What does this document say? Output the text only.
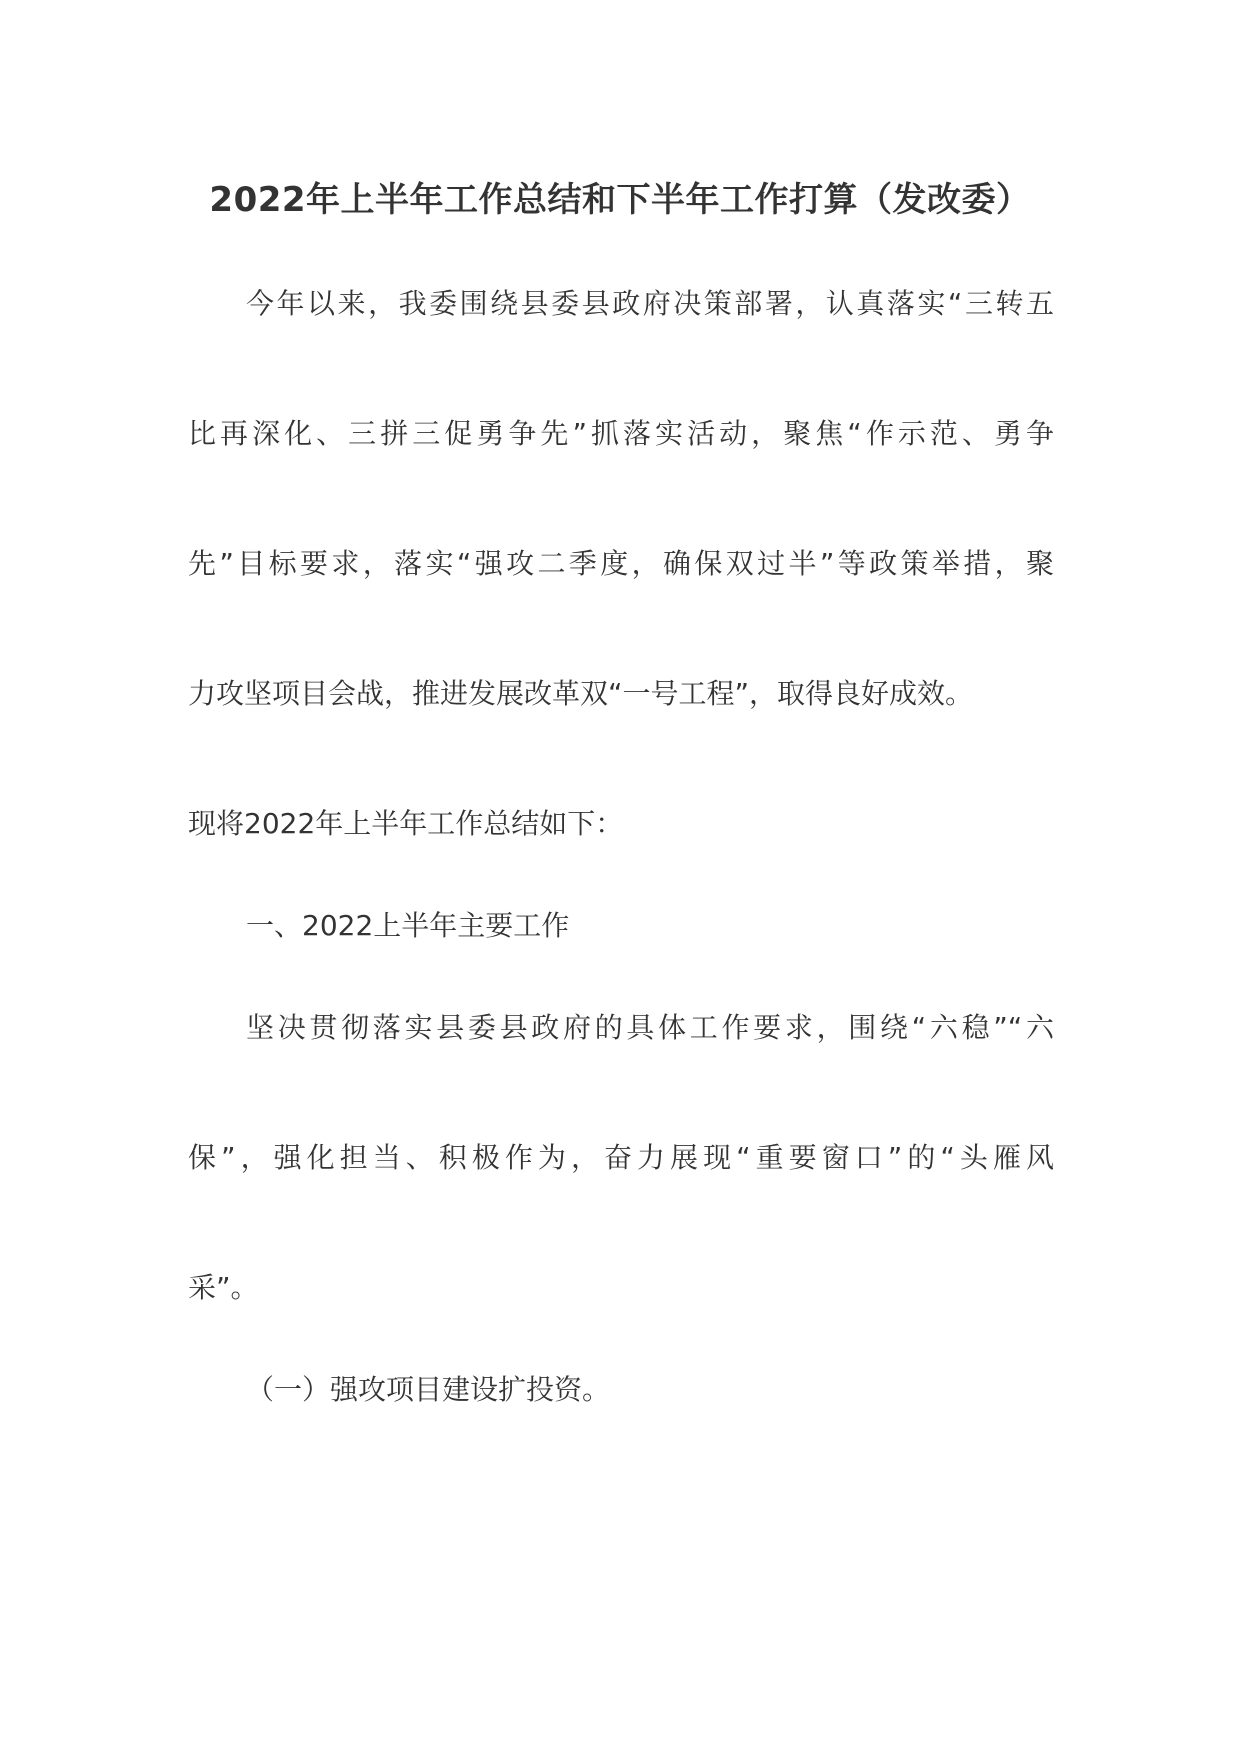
2022年上半年工作总结和下半年工作打算（发改委）
今年以来，我委围绕县委县政府决策部署，认真落实“三转五
比再深化、三拼三促勇争先”抓落实活动，聚焦“作示范、勇争
先”目标要求，落实“强攻二季度，确保双过半”等政策举措，聚
力攻坚项目会战，推进发展改革双“一号工程”，取得良好成效。
现将2022年上半年工作总结如下：
一、2022上半年主要工作
坚决贯彻落实县委县政府的具体工作要求，围绕“六稳”“六
保”，强化担当、积极作为，奋力展现“重要窗口”的“头雁风
采”。
（一）强攻项目建设扩投资。
